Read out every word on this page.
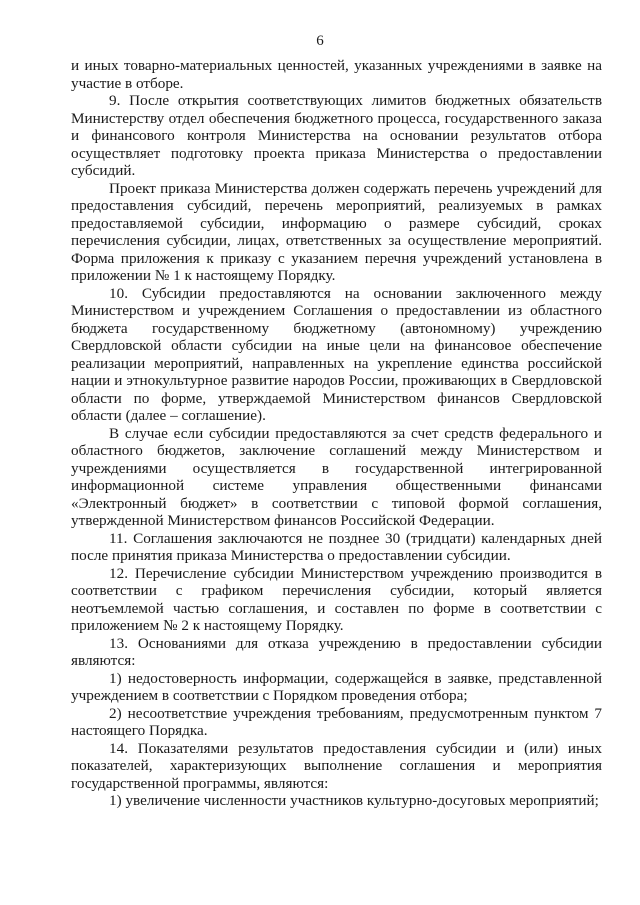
6

и иных товарно-материальных ценностей, указанных учреждениями в заявке на участие в отборе.

9. После открытия соответствующих лимитов бюджетных обязательств Министерству отдел обеспечения бюджетного процесса, государственного заказа и финансового контроля Министерства на основании результатов отбора осуществляет подготовку проекта приказа Министерства о предоставлении субсидий.

Проект приказа Министерства должен содержать перечень учреждений для предоставления субсидий, перечень мероприятий, реализуемых в рамках предоставляемой субсидии, информацию о размере субсидий, сроках перечисления субсидии, лицах, ответственных за осуществление мероприятий. Форма приложения к приказу с указанием перечня учреждений установлена в приложении № 1 к настоящему Порядку.

10. Субсидии предоставляются на основании заключенного между Министерством и учреждением Соглашения о предоставлении из областного бюджета государственному бюджетному (автономному) учреждению Свердловской области субсидии на иные цели на финансовое обеспечение реализации мероприятий, направленных на укрепление единства российской нации и этнокультурное развитие народов России, проживающих в Свердловской области по форме, утверждаемой Министерством финансов Свердловской области (далее – соглашение).

В случае если субсидии предоставляются за счет средств федерального и областного бюджетов, заключение соглашений между Министерством и учреждениями осуществляется в государственной интегрированной информационной системе управления общественными финансами «Электронный бюджет» в соответствии с типовой формой соглашения, утвержденной Министерством финансов Российской Федерации.

11. Соглашения заключаются не позднее 30 (тридцати) календарных дней после принятия приказа Министерства о предоставлении субсидии.

12. Перечисление субсидии Министерством учреждению производится в соответствии с графиком перечисления субсидии, который является неотъемлемой частью соглашения, и составлен по форме в соответствии с приложением № 2 к настоящему Порядку.

13. Основаниями для отказа учреждению в предоставлении субсидии являются:

1) недостоверность информации, содержащейся в заявке, представленной учреждением в соответствии с Порядком проведения отбора;

2) несоответствие учреждения требованиям, предусмотренным пунктом 7 настоящего Порядка.

14. Показателями результатов предоставления субсидии и (или) иных показателей, характеризующих выполнение соглашения и мероприятия государственной программы, являются:

1) увеличение численности участников культурно-досуговых мероприятий;
